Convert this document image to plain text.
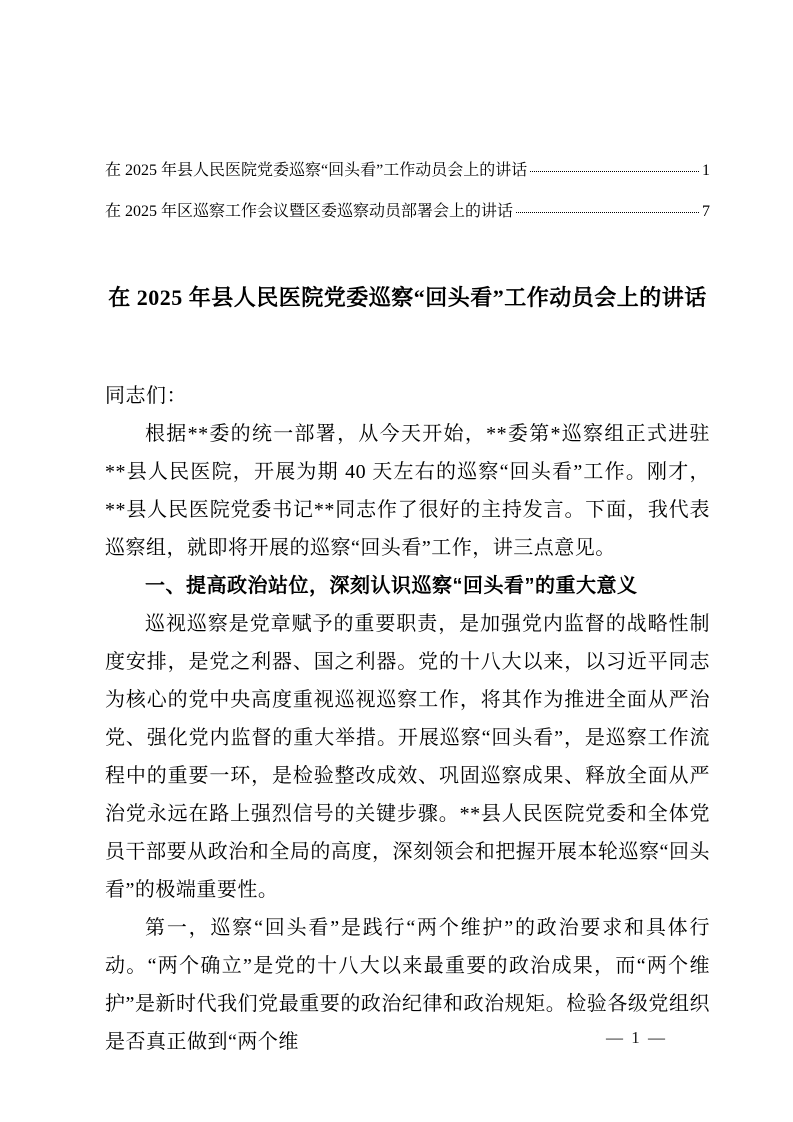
在 2025 年县人民医院党委巡察“回头看”工作动员会上的讲话	1
在 2025 年区巡察工作会议暨区委巡察动员部署会上的讲话	7
在 2025 年县人民医院党委巡察“回头看”工作动员会上的讲话

同志们：

根据**委的统一部署，从今天开始，**委第*巡察组正式进驻**县人民医院，开展为期 40 天左右的巡察“回头看”工作。刚才，**县人民医院党委书记**同志作了很好的主持发言。下面，我代表巡察组，就即将开展的巡察“回头看”工作，讲三点意见。

一、提高政治站位，深刻认识巡察“回头看”的重大意义

巡视巡察是党章赋予的重要职责，是加强党内监督的战略性制度安排，是党之利器、国之利器。党的十八大以来，以习近平同志为核心的党中央高度重视巡视巡察工作，将其作为推进全面从严治党、强化党内监督的重大举措。开展巡察“回头看”，是巡察工作流程中的重要一环，是检验整改成效、巩固巡察成果、释放全面从严治党永远在路上强烈信号的关键步骤。**县人民医院党委和全体党员干部要从政治和全局的高度，深刻领会和把握开展本轮巡察“回头看”的极端重要性。

第一，巡察“回头看”是践行“两个维护”的政治要求和具体行动。“两个确立”是党的十八大以来最重要的政治成果，而“两个维护”是新时代我们党最重要的政治纪律和政治规矩。检验各级党组织是否真正做到“两个维	— 1 —
